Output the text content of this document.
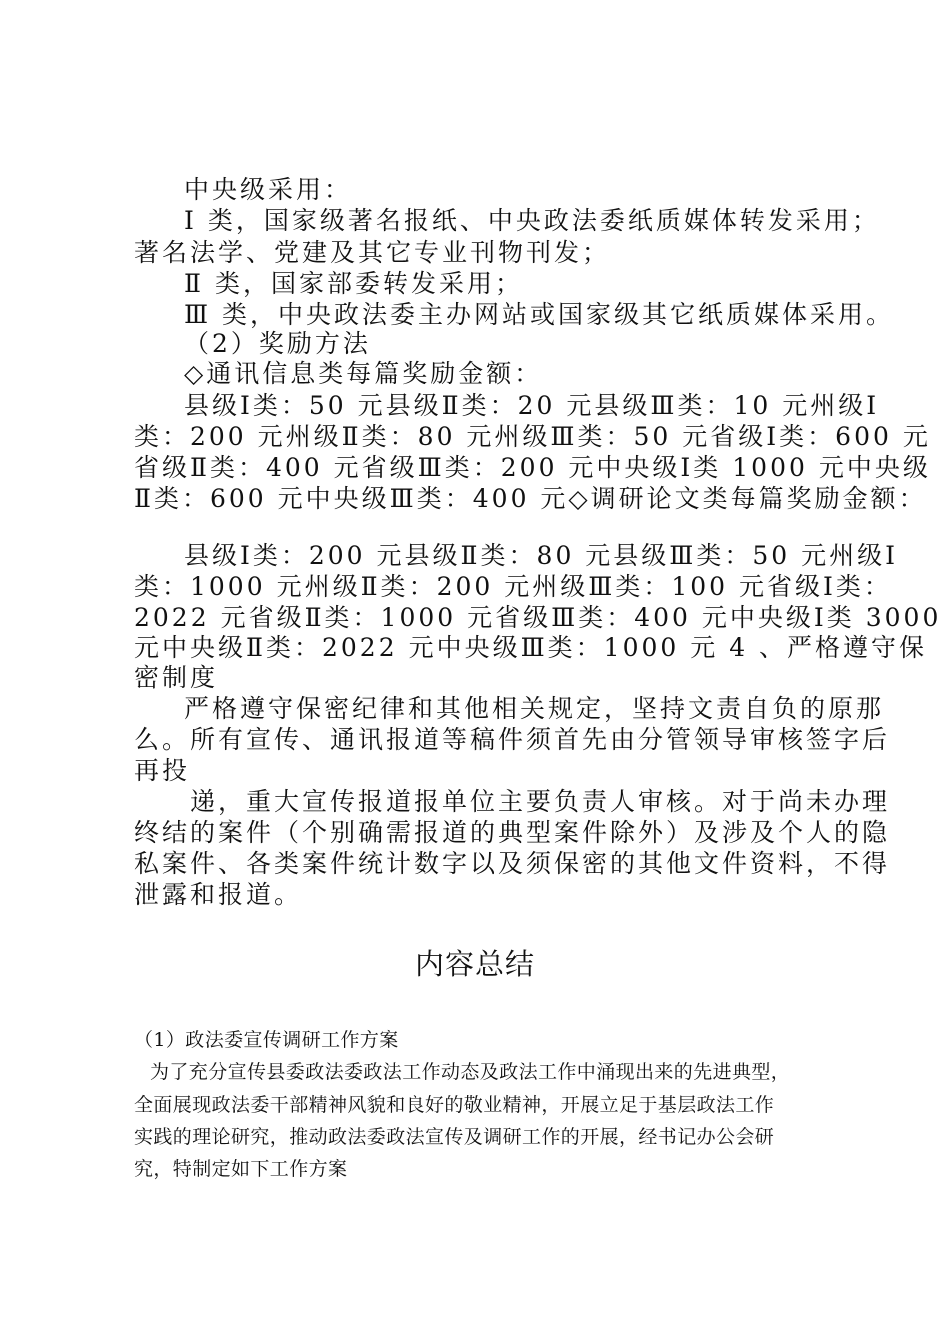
中央级采用：
Ⅰ 类，国家级著名报纸、中央政法委纸质媒体转发采用；
著名法学、党建及其它专业刊物刊发；
Ⅱ 类，国家部委转发采用；
Ⅲ 类，中央政法委主办网站或国家级其它纸质媒体采用。
（2）奖励方法
◇通讯信息类每篇奖励金额：
县级Ⅰ类：50 元县级Ⅱ类：20 元县级Ⅲ类：10 元州级Ⅰ
类：200 元州级Ⅱ类：80 元州级Ⅲ类：50 元省级Ⅰ类：600 元
省级Ⅱ类：400 元省级Ⅲ类：200 元中央级Ⅰ类 1000 元中央级
Ⅱ类：600 元中央级Ⅲ类：400 元◇调研论文类每篇奖励金额：
县级Ⅰ类：200 元县级Ⅱ类：80 元县级Ⅲ类：50 元州级Ⅰ
类：1000 元州级Ⅱ类：200 元州级Ⅲ类：100 元省级Ⅰ类：
2022 元省级Ⅱ类：1000 元省级Ⅲ类：400 元中央级Ⅰ类 3000
元中央级Ⅱ类：2022 元中央级Ⅲ类：1000 元 4 、严格遵守保
密制度
严格遵守保密纪律和其他相关规定，坚持文责自负的原那
么。所有宣传、通讯报道等稿件须首先由分管领导审核签字后
再投
递，重大宣传报道报单位主要负责人审核。对于尚未办理
终结的案件（个别确需报道的典型案件除外）及涉及个人的隐
私案件、各类案件统计数字以及须保密的其他文件资料，不得
泄露和报道。
内容总结
（1）政法委宣传调研工作方案
为了充分宣传县委政法委政法工作动态及政法工作中涌现出来的先进典型，
全面展现政法委干部精神风貌和良好的敬业精神，开展立足于基层政法工作
实践的理论研究，推动政法委政法宣传及调研工作的开展，经书记办公会研
究，特制定如下工作方案
